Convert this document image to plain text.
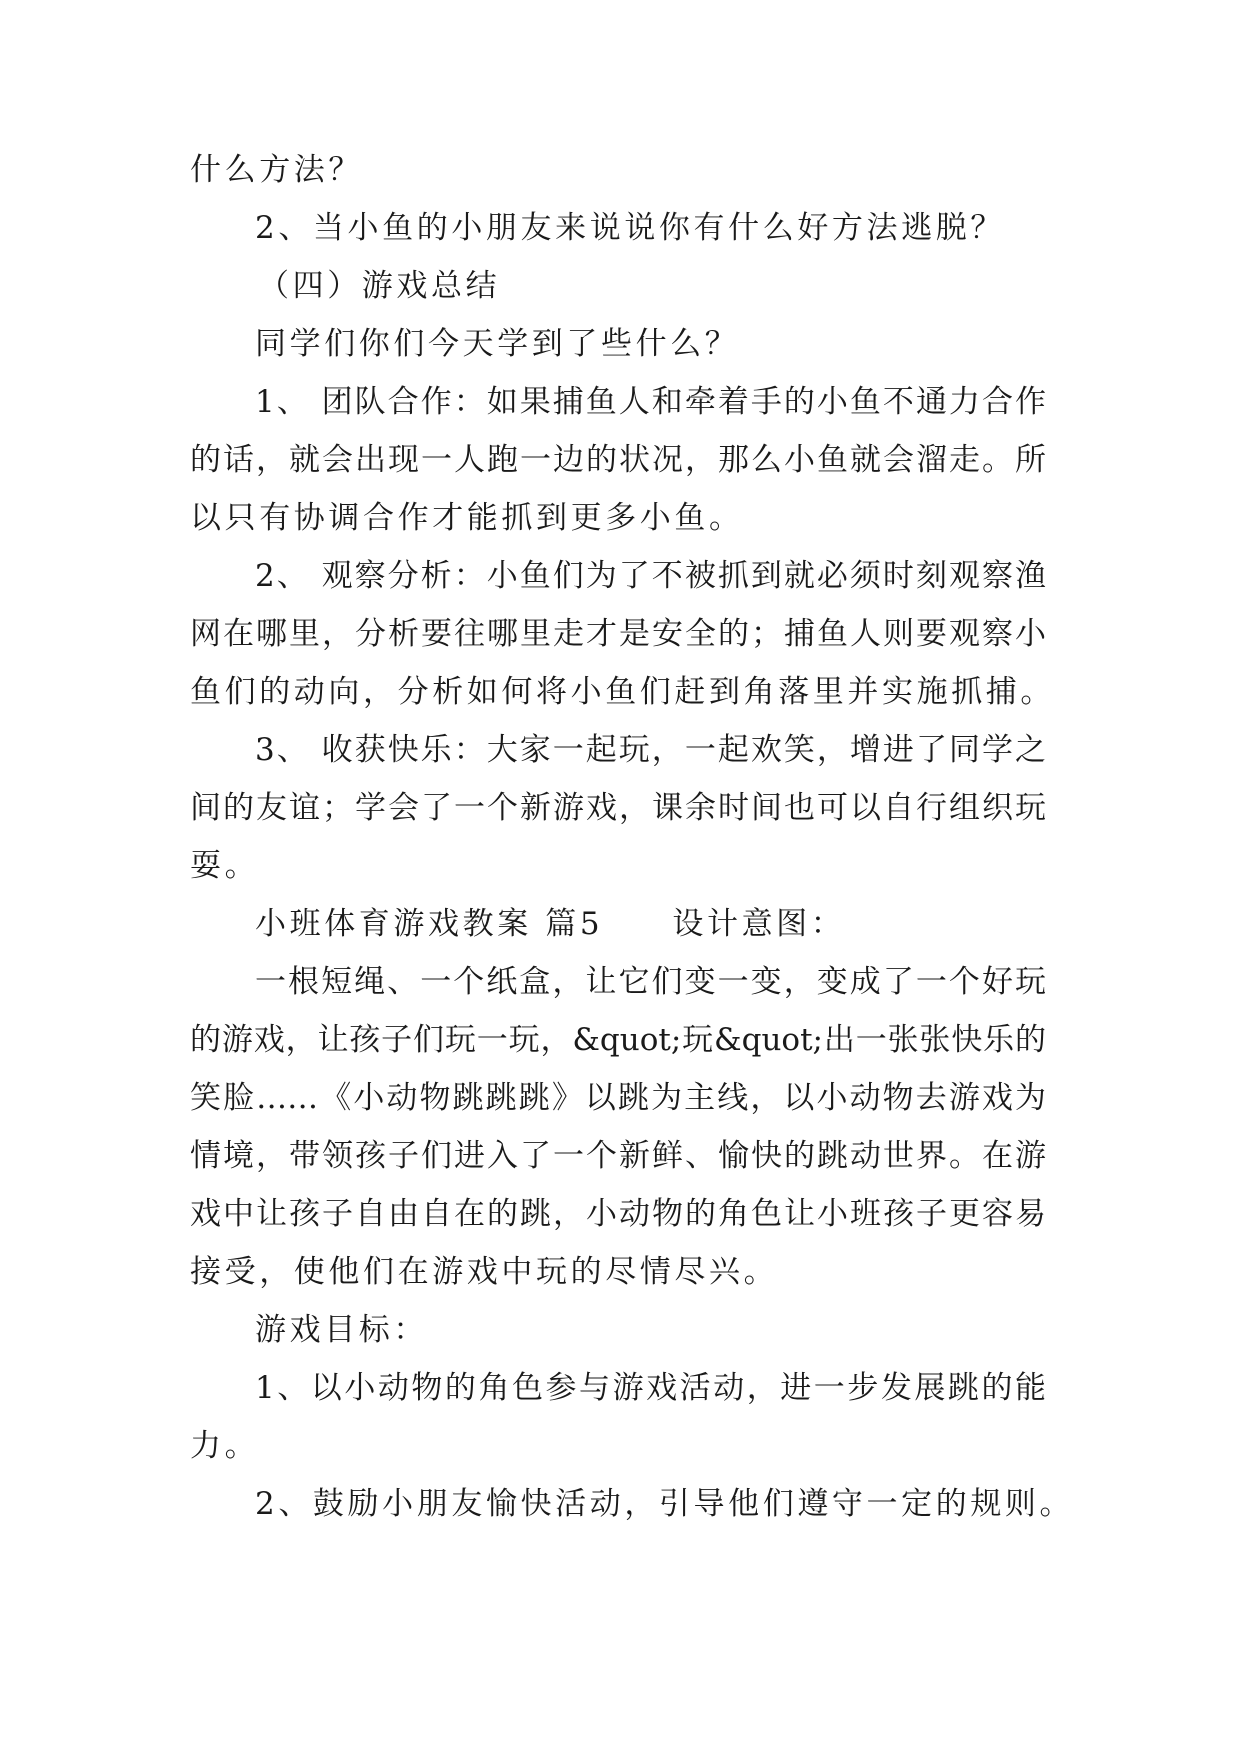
什么方法？
2、当小鱼的小朋友来说说你有什么好方法逃脱？
（四）游戏总结
同学们你们今天学到了些什么？
1、 团队合作：如果捕鱼人和牵着手的小鱼不通力合作
的话，就会出现一人跑一边的状况，那么小鱼就会溜走。所
以只有协调合作才能抓到更多小鱼。
2、 观察分析：小鱼们为了不被抓到就必须时刻观察渔
网在哪里，分析要往哪里走才是安全的；捕鱼人则要观察小
鱼们的动向，分析如何将小鱼们赶到角落里并实施抓捕。
3、 收获快乐：大家一起玩，一起欢笑，增进了同学之
间的友谊；学会了一个新游戏，课余时间也可以自行组织玩
耍。
小班体育游戏教案 篇5　　设计意图：
一根短绳、一个纸盒，让它们变一变，变成了一个好玩
的游戏，让孩子们玩一玩，&quot;玩&quot;出一张张快乐的
笑脸……《小动物跳跳跳》以跳为主线，以小动物去游戏为
情境，带领孩子们进入了一个新鲜、愉快的跳动世界。在游
戏中让孩子自由自在的跳，小动物的角色让小班孩子更容易
接受，使他们在游戏中玩的尽情尽兴。
游戏目标：
1、以小动物的角色参与游戏活动，进一步发展跳的能
力。
2、鼓励小朋友愉快活动，引导他们遵守一定的规则。
